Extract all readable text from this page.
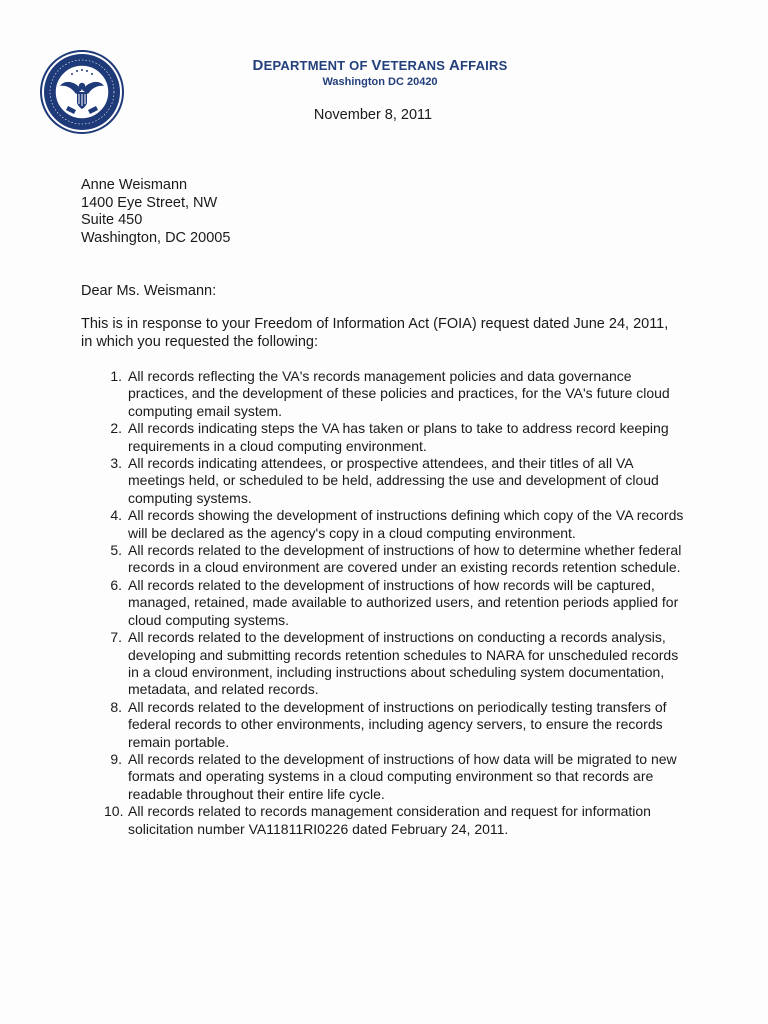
DEPARTMENT OF VETERANS AFFAIRS
Washington DC 20420
November 8, 2011
Anne Weismann
1400 Eye Street, NW
Suite 450
Washington, DC 20005
Dear Ms. Weismann:
This is in response to your Freedom of Information Act (FOIA) request dated June 24, 2011, in which you requested the following:
1. All records reflecting the VA's records management policies and data governance practices, and the development of these policies and practices, for the VA's future cloud computing email system.
2. All records indicating steps the VA has taken or plans to take to address record keeping requirements in a cloud computing environment.
3. All records indicating attendees, or prospective attendees, and their titles of all VA meetings held, or scheduled to be held, addressing the use and development of cloud computing systems.
4. All records showing the development of instructions defining which copy of the VA records will be declared as the agency's copy in a cloud computing environment.
5. All records related to the development of instructions of how to determine whether federal records in a cloud environment are covered under an existing records retention schedule.
6. All records related to the development of instructions of how records will be captured, managed, retained, made available to authorized users, and retention periods applied for cloud computing systems.
7. All records related to the development of instructions on conducting a records analysis, developing and submitting records retention schedules to NARA for unscheduled records in a cloud environment, including instructions about scheduling system documentation, metadata, and related records.
8. All records related to the development of instructions on periodically testing transfers of federal records to other environments, including agency servers, to ensure the records remain portable.
9. All records related to the development of instructions of how data will be migrated to new formats and operating systems in a cloud computing environment so that records are readable throughout their entire life cycle.
10. All records related to records management consideration and request for information solicitation number VA11811RI0226 dated February 24, 2011.
